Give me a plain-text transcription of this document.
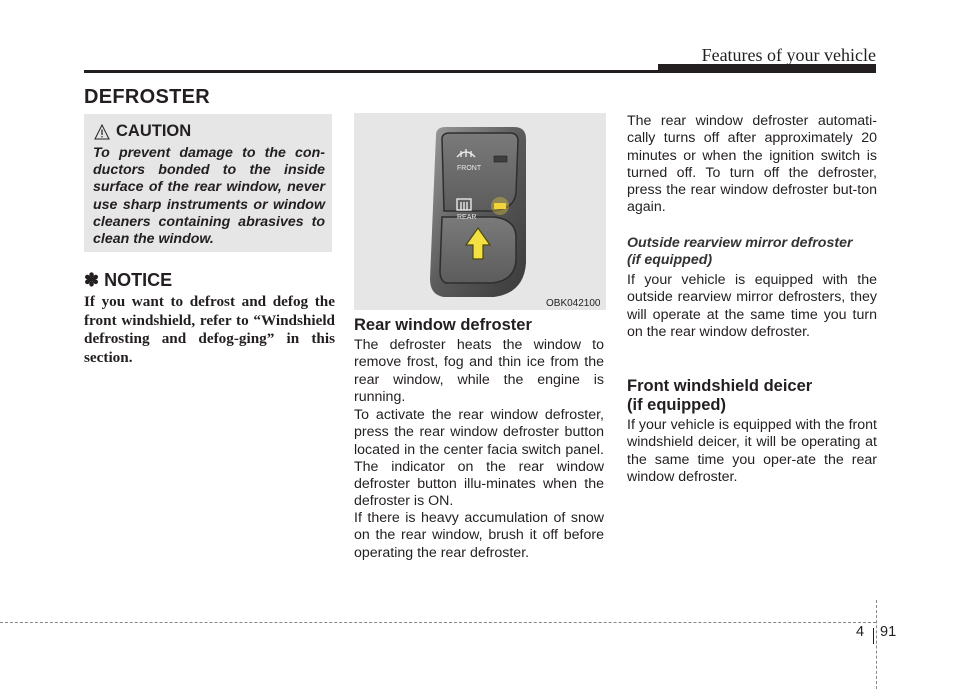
Features of your vehicle
DEFROSTER
CAUTION
To prevent damage to the con-ductors bonded to the inside surface of the rear window, never use sharp instruments or window cleaners containing abrasives to clean the window.
✽ NOTICE
If you want to defrost and defog the front windshield, refer to “Windshield defrosting and defog-ging” in this section.
FRONT
REAR
OBK042100
Rear window defroster
The defroster heats the window to remove frost, fog and thin ice from the rear window, while the engine is running.
To activate the rear window defroster, press the rear window defroster button located in the center facia switch panel. The indicator on the rear window defroster button illu-minates when the defroster is ON.
If there is heavy accumulation of snow on the rear window, brush it off before operating the rear defroster.
The rear window defroster automati-cally turns off after approximately 20 minutes or when the ignition switch is turned off. To turn off the defroster, press the rear window defroster but-ton again.
Outside rearview mirror defroster
(if equipped)
If your vehicle is equipped with the outside rearview mirror defrosters, they will operate at the same time you turn on the rear window defroster.
Front windshield deicer
(if equipped)
If your vehicle is equipped with the front windshield deicer, it will be operating at the same time you oper-ate the rear window defroster.
4 91
